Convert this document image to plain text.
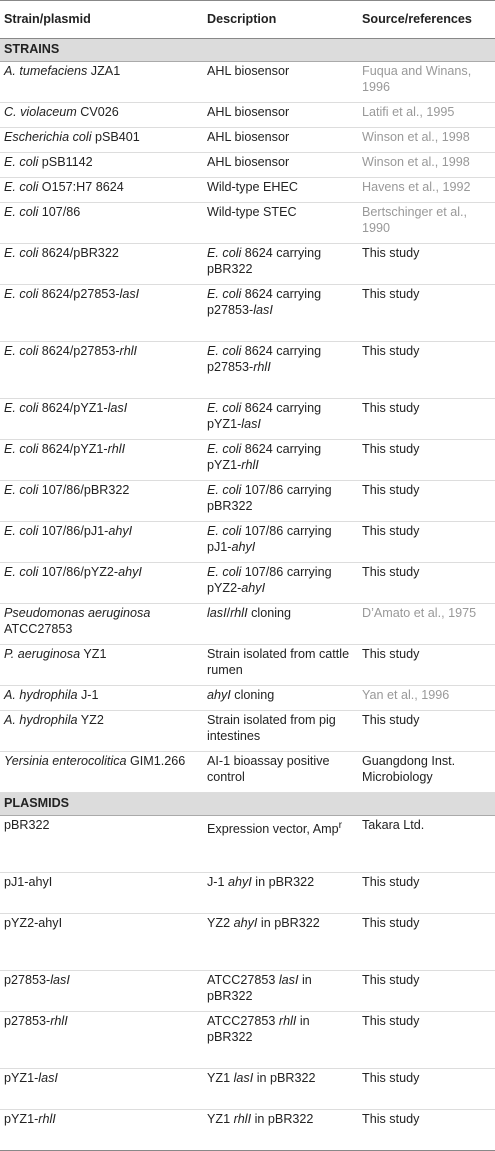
Strain/plasmid	Description	Source/references
STRAINS		
A. tumefaciens JZA1	AHL biosensor	Fuqua and Winans, 1996
C. violaceum CV026	AHL biosensor	Latifi et al., 1995
Escherichia coli pSB401	AHL biosensor	Winson et al., 1998
E. coli pSB1142	AHL biosensor	Winson et al., 1998
E. coli O157:H7 8624	Wild-type EHEC	Havens et al., 1992
E. coli 107/86	Wild-type STEC	Bertschinger et al., 1990
E. coli 8624/pBR322	E. coli 8624 carrying pBR322	This study
E. coli 8624/p27853-lasI	E. coli 8624 carrying p27853-lasI	This study
E. coli 8624/p27853-rhlI	E. coli 8624 carrying p27853-rhlI	This study
E. coli 8624/pYZ1-lasI	E. coli 8624 carrying pYZ1-lasI	This study
E. coli 8624/pYZ1-rhlI	E. coli 8624 carrying pYZ1-rhlI	This study
E. coli 107/86/pBR322	E. coli 107/86 carrying pBR322	This study
E. coli 107/86/pJ1-ahyI	E. coli 107/86 carrying pJ1-ahyI	This study
E. coli 107/86/pYZ2-ahyI	E. coli 107/86 carrying pYZ2-ahyI	This study
Pseudomonas aeruginosa ATCC27853	lasI/rhlI cloning	D’Amato et al., 1975
P. aeruginosa YZ1	Strain isolated from cattle rumen	This study
A. hydrophila J-1	ahyI cloning	Yan et al., 1996
A. hydrophila YZ2	Strain isolated from pig intestines	This study
Yersinia enterocolitica GIM1.266	AI-1 bioassay positive control	Guangdong Inst. Microbiology
PLASMIDS		
pBR322	Expression vector, Amp$^r$	Takara Ltd.
pJ1-ahyI	J-1 ahyI in pBR322	This study
pYZ2-ahyI	YZ2 ahyI in pBR322	This study
p27853-lasI	ATCC27853 lasI in pBR322	This study
p27853-rhlI	ATCC27853 rhlI in pBR322	This study
pYZ1-lasI	YZ1 lasI in pBR322	This study
pYZ1-rhlI	YZ1 rhlI in pBR322	This study
